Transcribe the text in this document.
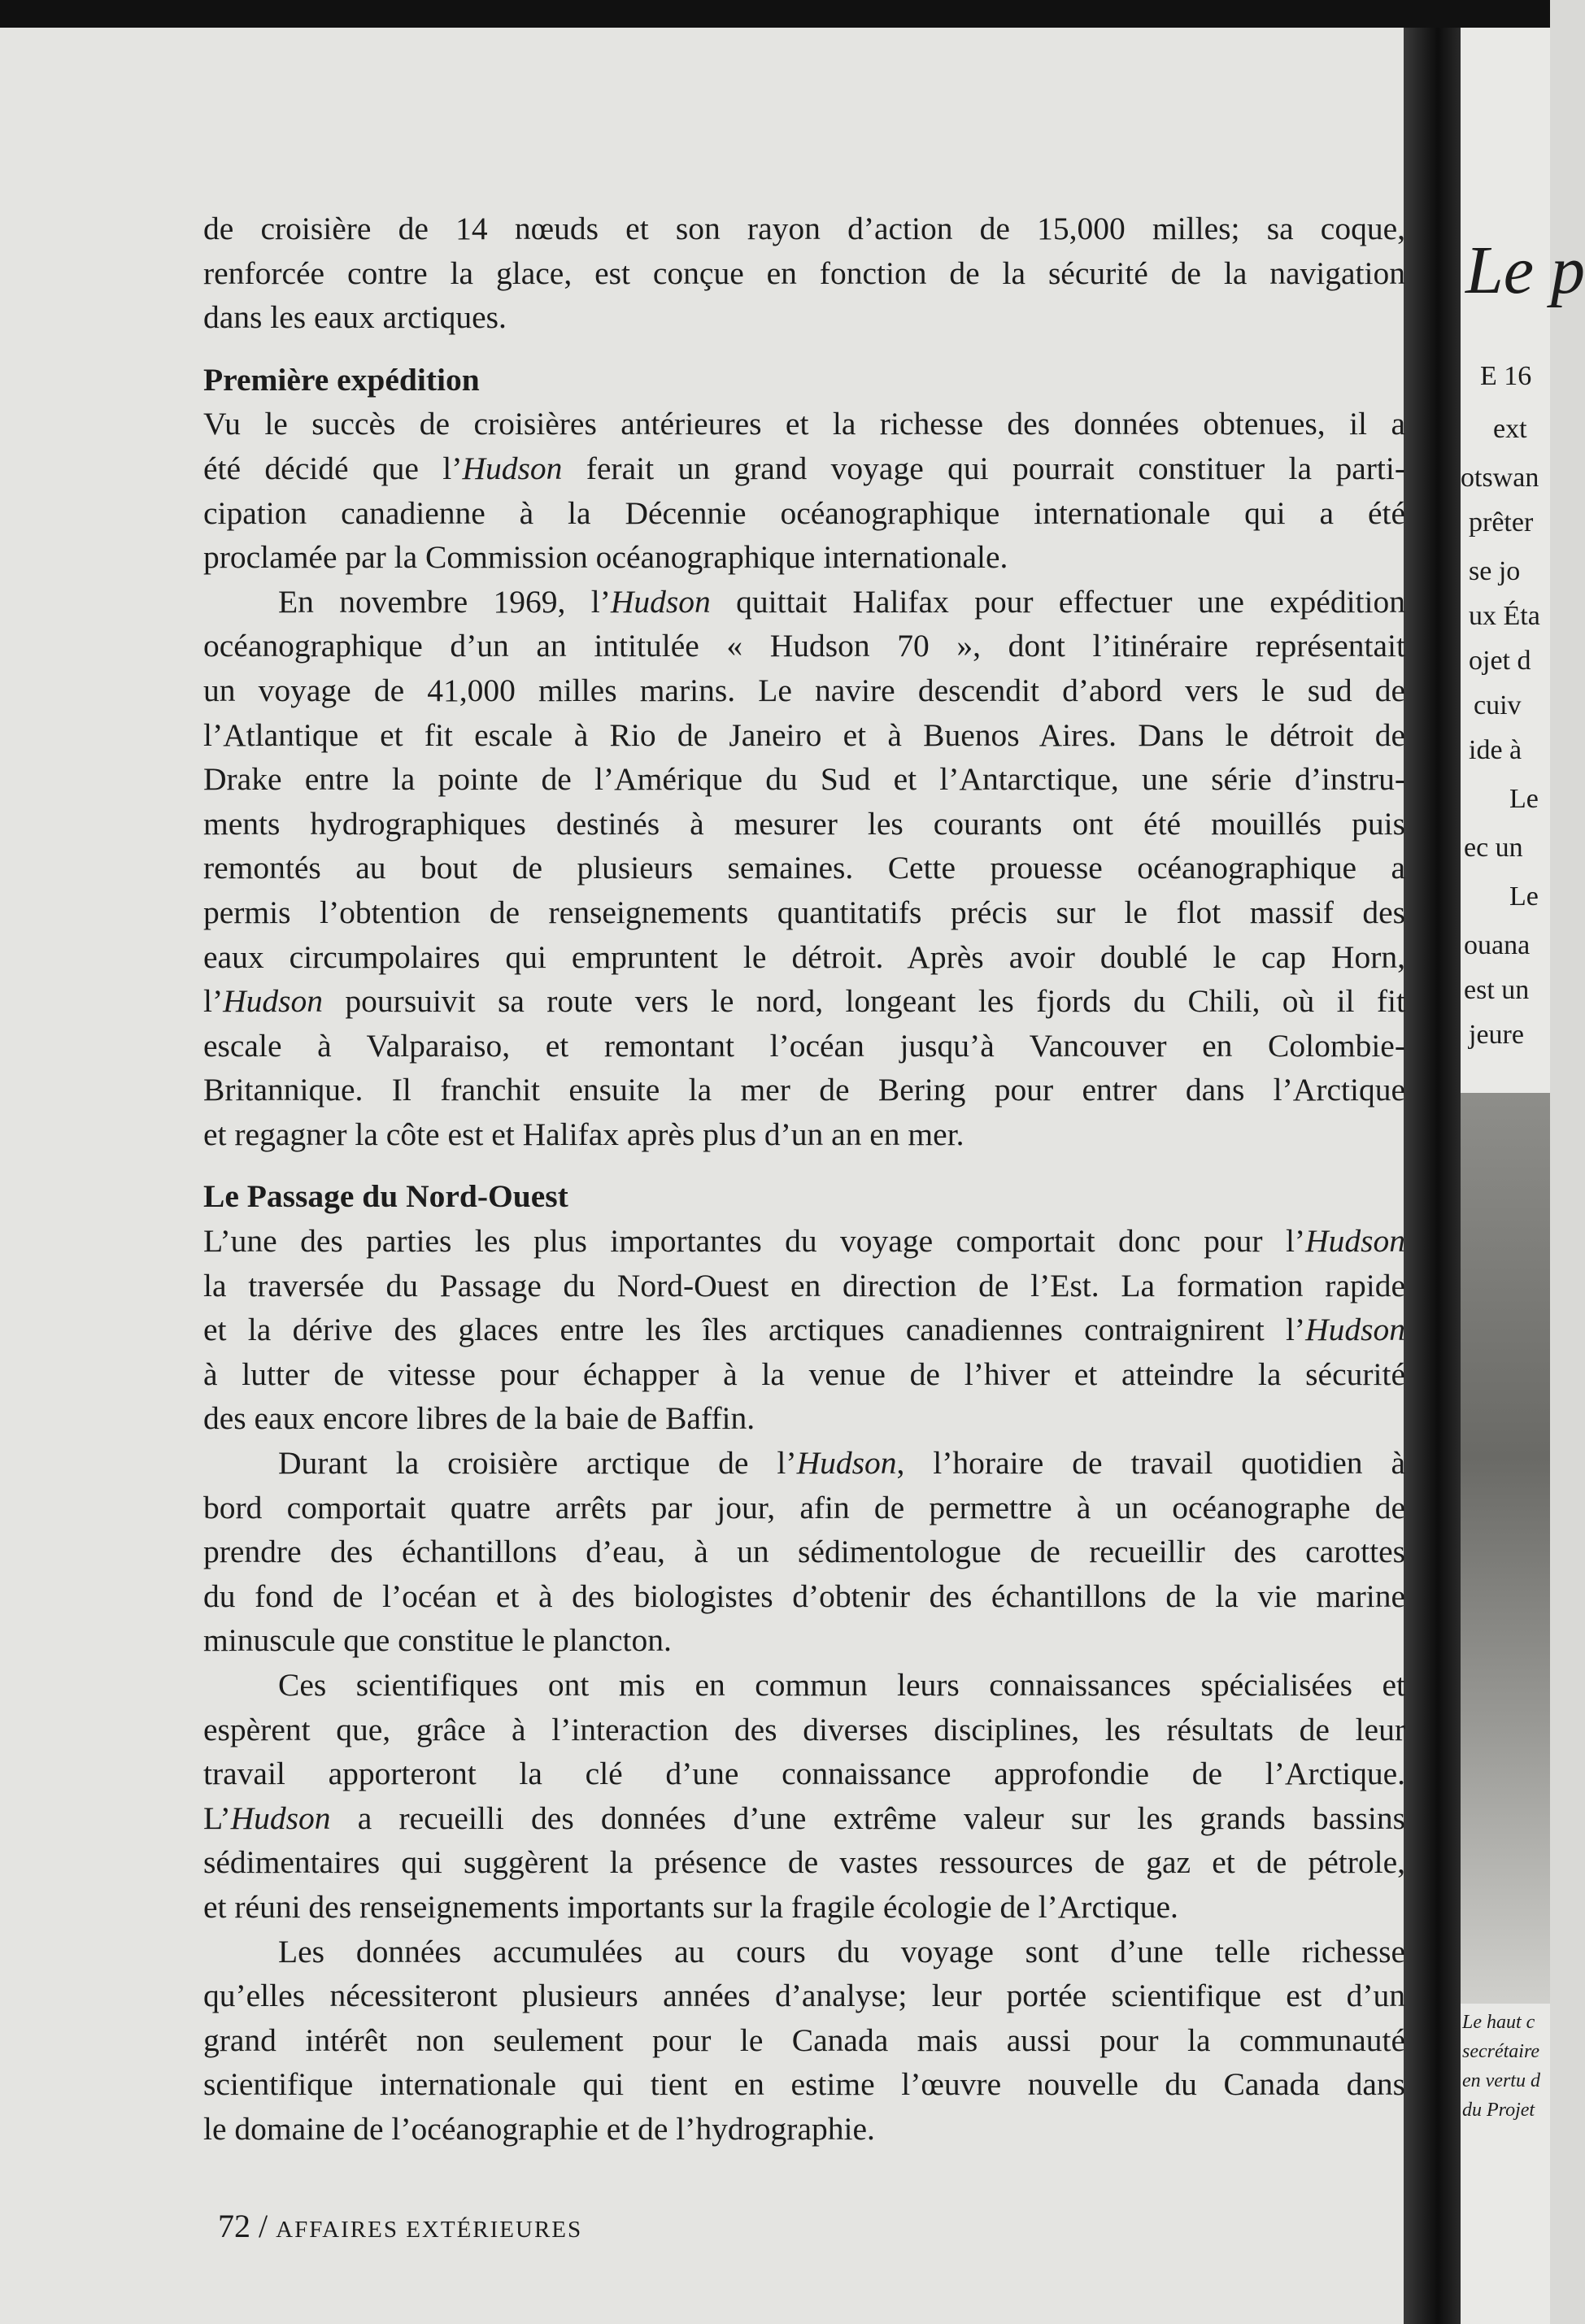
Le p
E 16
ext
otswan
prêter
se jo
ux Éta
ojet d
cuiv
ide à
Le
ec un
Le
ouana
est un
jeure
Le haut c
secrétaire
en vertu d
du Projet
de croisière de 14 nœuds et son rayon d’action de 15,000 milles; sa coque,
renforcée contre la glace, est conçue en fonction de la sécurité de la navigation
dans les eaux arctiques.
Première expédition
Vu le succès de croisières antérieures et la richesse des données obtenues, il a
été décidé que l’Hudson ferait un grand voyage qui pourrait constituer la parti-
cipation canadienne à la Décennie océanographique internationale qui a été
proclamée par la Commission océanographique internationale.
En novembre 1969, l’Hudson quittait Halifax pour effectuer une expédition
océanographique d’un an intitulée « Hudson 70 », dont l’itinéraire représentait
un voyage de 41,000 milles marins. Le navire descendit d’abord vers le sud de
l’Atlantique et fit escale à Rio de Janeiro et à Buenos Aires. Dans le détroit de
Drake entre la pointe de l’Amérique du Sud et l’Antarctique, une série d’instru-
ments hydrographiques destinés à mesurer les courants ont été mouillés puis
remontés au bout de plusieurs semaines. Cette prouesse océanographique a
permis l’obtention de renseignements quantitatifs précis sur le flot massif des
eaux circumpolaires qui empruntent le détroit. Après avoir doublé le cap Horn,
l’Hudson poursuivit sa route vers le nord, longeant les fjords du Chili, où il fit
escale à Valparaiso, et remontant l’océan jusqu’à Vancouver en Colombie-
Britannique. Il franchit ensuite la mer de Bering pour entrer dans l’Arctique
et regagner la côte est et Halifax après plus d’un an en mer.
Le Passage du Nord-Ouest
L’une des parties les plus importantes du voyage comportait donc pour l’Hudson
la traversée du Passage du Nord-Ouest en direction de l’Est. La formation rapide
et la dérive des glaces entre les îles arctiques canadiennes contraignirent l’Hudson
à lutter de vitesse pour échapper à la venue de l’hiver et atteindre la sécurité
des eaux encore libres de la baie de Baffin.
Durant la croisière arctique de l’Hudson, l’horaire de travail quotidien à
bord comportait quatre arrêts par jour, afin de permettre à un océanographe de
prendre des échantillons d’eau, à un sédimentologue de recueillir des carottes
du fond de l’océan et à des biologistes d’obtenir des échantillons de la vie marine
minuscule que constitue le plancton.
Ces scientifiques ont mis en commun leurs connaissances spécialisées et
espèrent que, grâce à l’interaction des diverses disciplines, les résultats de leur
travail apporteront la clé d’une connaissance approfondie de l’Arctique.
L’Hudson a recueilli des données d’une extrême valeur sur les grands bassins
sédimentaires qui suggèrent la présence de vastes ressources de gaz et de pétrole,
et réuni des renseignements importants sur la fragile écologie de l’Arctique.
Les données accumulées au cours du voyage sont d’une telle richesse
qu’elles nécessiteront plusieurs années d’analyse; leur portée scientifique est d’un
grand intérêt non seulement pour le Canada mais aussi pour la communauté
scientifique internationale qui tient en estime l’œuvre nouvelle du Canada dans
le domaine de l’océanographie et de l’hydrographie.
72 / AFFAIRES EXTÉRIEURES
